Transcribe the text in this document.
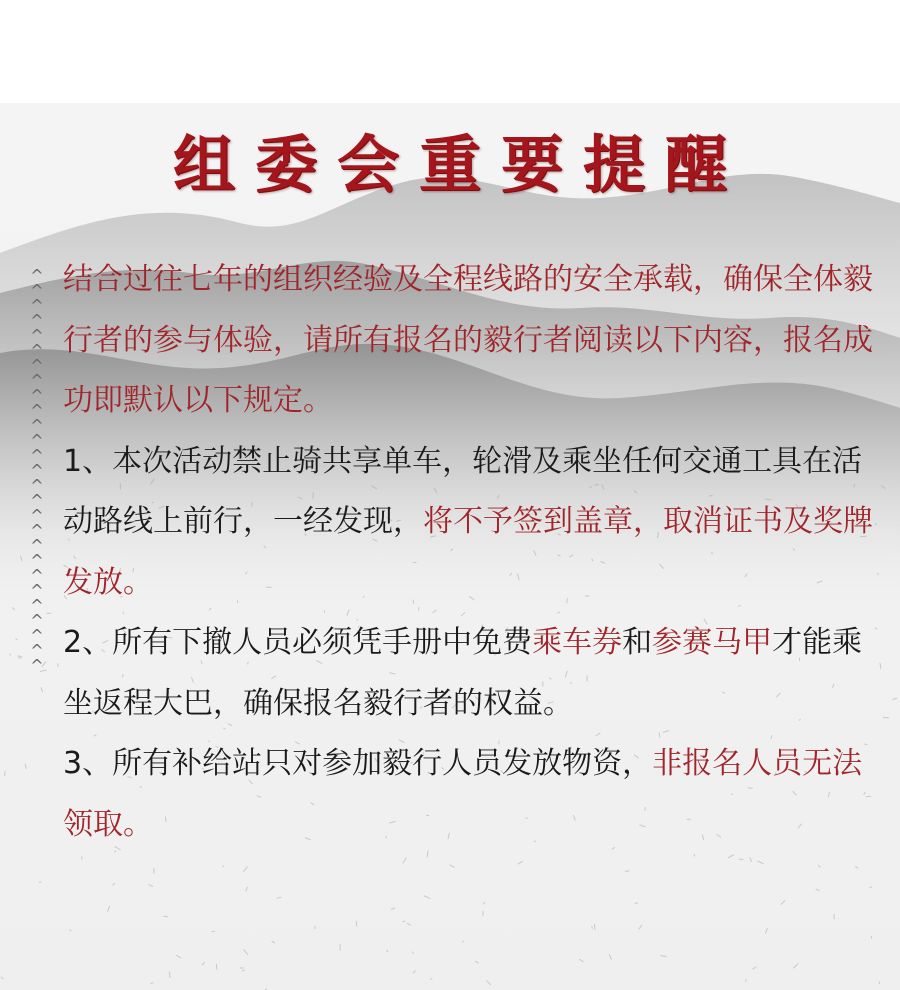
组委会重要提醒
^
^
^
^
^
^
^
^
^
^
^
^
^
^
^
^
^
^
^
^
^
^
^
^
^
^
^

结合过往七年的组织经验及全程线路的安全承载，确保全体毅行者的参与体验，请所有报名的毅行者阅读以下内容，报名成功即默认以下规定。

1、本次活动禁止骑共享单车，轮滑及乘坐任何交通工具在活动路线上前行，一经发现，将不予签到盖章，取消证书及奖牌发放。

2、所有下撤人员必须凭手册中免费乘车券和参赛马甲才能乘坐返程大巴，确保报名毅行者的权益。

3、所有补给站只对参加毅行人员发放物资，非报名人员无法领取。
